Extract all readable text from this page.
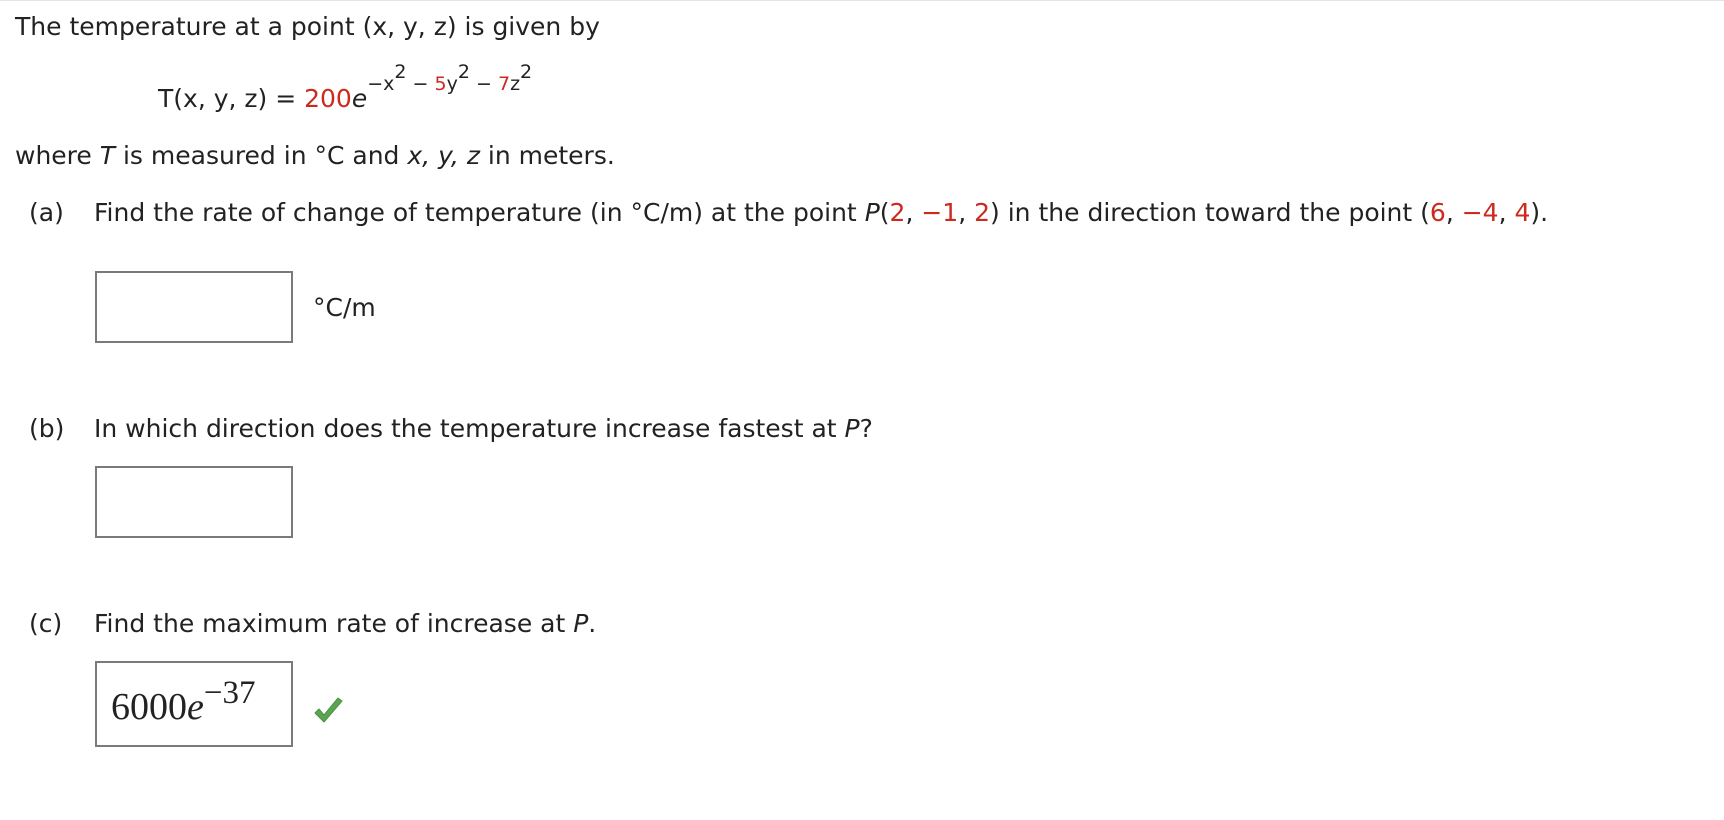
The temperature at a point (x, y, z) is given by
T(x, y, $z) = 200e^{-x2 - 5y2 - 7z2}$
where T is measured in °C and x, y, z in meters.
(a) Find the rate of change of temperature (in °C/m) at the point P(2, −1, 2) in the direction toward the point (6, −4, 4).
°C/m
(b) In which direction does the temperature increase fastest at P?
(c) Find the maximum rate of increase at P.
6000e−37
